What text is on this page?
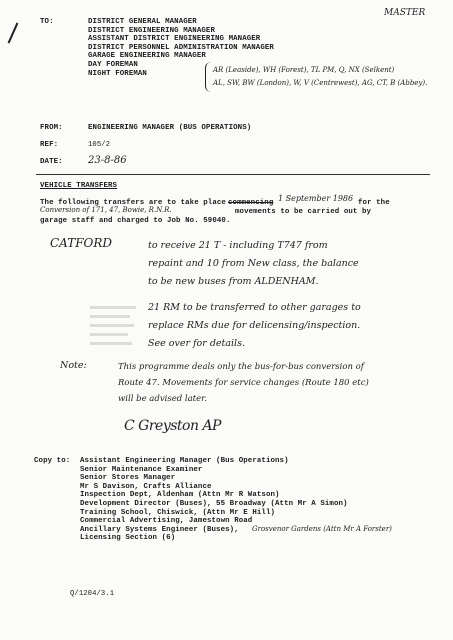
MASTER
TO:	DISTRICT GENERAL MANAGER
DISTRICT ENGINEERING MANAGER
ASSISTANT DISTRICT ENGINEERING MANAGER
DISTRICT PERSONNEL ADMINISTRATION MANAGER
GARAGE ENGINEERING MANAGER
DAY FOREMAN
NIGHT FOREMAN	AR (Leaside), WH (Forest), TL PM, Q, NX (Selkent)
AL, SW, BW (London), W, V (Centrewest), AG, CT, B (Abbey).
FROM:	ENGINEERING MANAGER (BUS OPERATIONS)
REF:	105/2
DATE:	23-8-86
VEHICLE TRANSFERS
The following transfers are to take place commencing 1 September 1986 for the
Conversion of 171, 47, Bowie, R.N.R.	movements to be carried out by
garage staff and charged to Job No. 59040.
CATFORD	to receive 21 T - including T747 from
repaint and 10 from New class, the balance
to be new buses from ALDENHAM.
21 RM to be transferred to other garages to
replace RMs due for delicensing/inspection.
See over for details.
Note:	This programme deals only the bus-for-bus conversion of
Route 47. Movements for service changes (Route 180 etc)
will be advised later.
C Greyston AP
Copy to: Assistant Engineering Manager (Bus Operations)
Senior Maintenance Examiner
Senior Stores Manager
Mr S Davison, Crafts Alliance
Inspection Dept, Aldenham (Attn Mr R Watson)
Development Director (Buses), 55 Broadway (Attn Mr A Simon)
Training School, Chiswick, (Attn Mr E Hill)
Commercial Advertising, Jamestown Road
Ancillary Systems Engineer (Buses), Grosvenor Gardens (Attn Mr A Forster)
Licensing Section (6)
Q/1204/3.1
